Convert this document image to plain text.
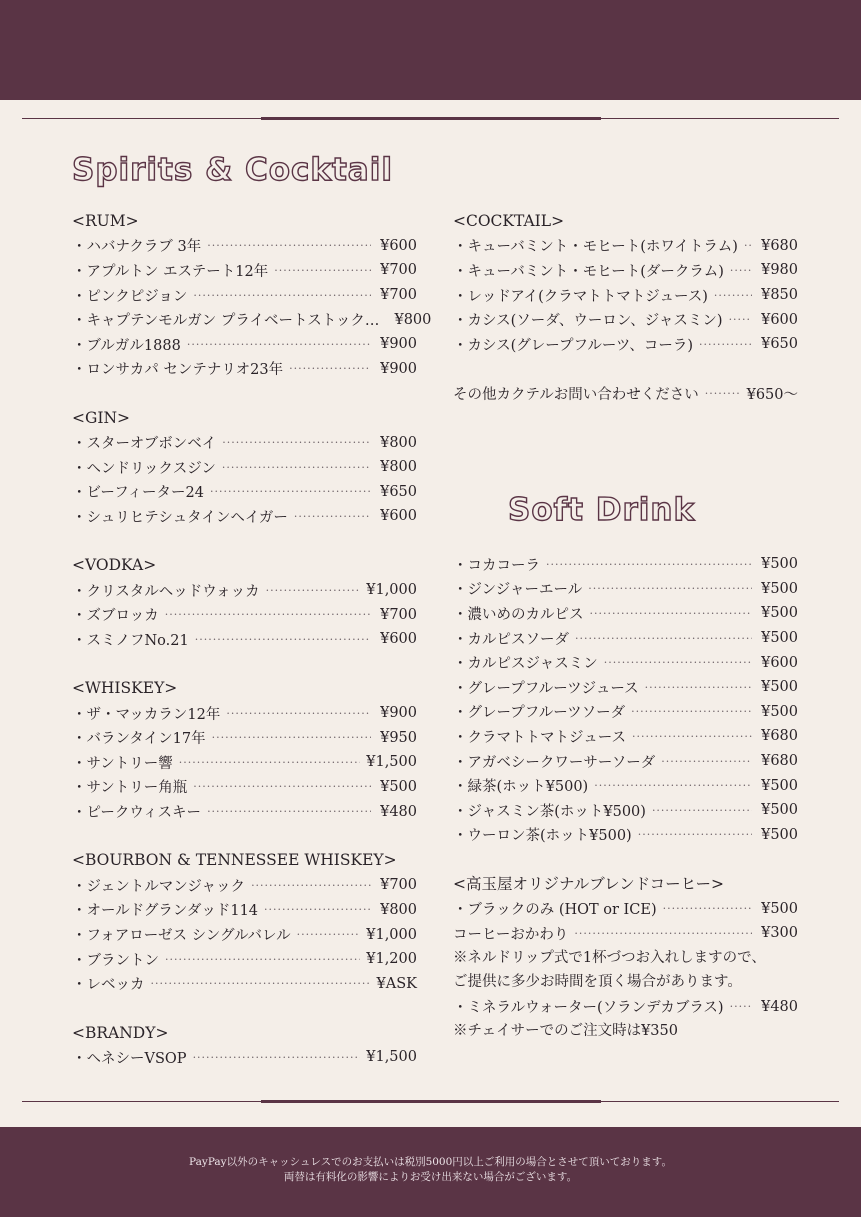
Spirits & Cocktail
<RUM>
・ハバナクラブ 3年 ·····	¥600
・アプルトン エステート12年 ·····	¥700
・ピンクピジョン ·····	¥700
・キャプテンモルガン プライベートストック… ¥800
・ブルガル1888 ·····	¥900
・ロンサカパ センテナリオ23年 ·····	¥900
<GIN>
・スターオブボンベイ ·····	¥800
・ヘンドリックスジン ·····	¥800
・ビーフィーター24 ·····	¥650
・シュリヒテシュタインヘイガー ·····	¥600
<VODKA>
・クリスタルヘッドウォッカ ·····	¥1,000
・ズブロッカ ·····	¥700
・スミノフNo.21 ·····	¥600
<WHISKEY>
・ザ・マッカラン12年 ·····	¥900
・バランタイン17年 ·····	¥950
・サントリー響 ·····	¥1,500
・サントリー角瓶 ·····	¥500
・ピークウィスキー ·····	¥480
<BOURBON & TENNESSEE WHISKEY>
・ジェントルマンジャック ·····	¥700
・オールドグランダッド114 ·····	¥800
・フォアローゼス シングルバレル ·····	¥1,000
・ブラントン ·····	¥1,200
・レベッカ ·····	¥ASK
<BRANDY>
・ヘネシーVSOP ·····	¥1,500
<COCKTAIL>
・キューバミント・モヒート(ホワイトラム) ····· ¥680
・キューバミント・モヒート(ダークラム) ·····	¥980
・レッドアイ(クラマトトマトジュース) ·····	¥850
・カシス(ソーダ、ウーロン、ジャスミン) ·····	¥600
・カシス(グレープフルーツ、コーラ) ·····	¥650
その他カクテルお問い合わせください ·····	¥650～
Soft Drink
・コカコーラ ·····	¥500
・ジンジャーエール ·····	¥500
・濃いめのカルピス ·····	¥500
・カルピスソーダ ·····	¥500
・カルピスジャスミン ·····	¥600
・グレープフルーツジュース ·····	¥500
・グレープフルーツソーダ ·····	¥500
・クラマトトマトジュース ·····	¥680
・アガベシークワーサーソーダ ·····	¥680
・緑茶(ホット¥500) ·····	¥500
・ジャスミン茶(ホット¥500) ·····	¥500
・ウーロン茶(ホット¥500) ·····	¥500
<高玉屋オリジナルブレンドコーヒー>
・ブラックのみ (HOT or ICE) ·····	¥500
コーヒーおかわり ·····	¥300
※ネルドリップ式で1杯づつお入れしますので、
ご提供に多少お時間を頂く場合があります。
・ミネラルウォーター(ソランデカブラス) ·····	¥480
※チェイサーでのご注文時は¥350
PayPay以外のキャッシュレスでのお支払いは税別5000円以上ご利用の場合とさせて頂いております。
両替は有料化の影響によりお受け出来ない場合がございます。
